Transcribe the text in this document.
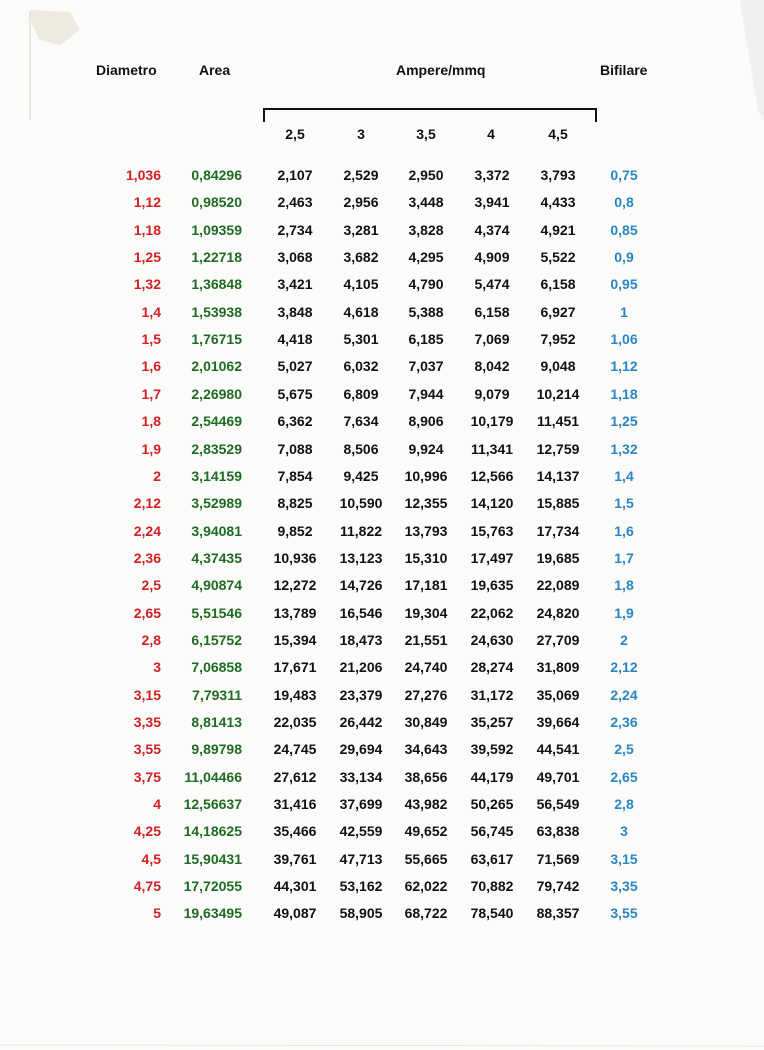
Diametro	Area	Ampere/mmq	Bifilare
2,5	3	3,5	4	4,5
1,036	0,84296	2,107	2,529	2,950	3,372	3,793	0,75
1,12	0,98520	2,463	2,956	3,448	3,941	4,433	0,8
1,18	1,09359	2,734	3,281	3,828	4,374	4,921	0,85
1,25	1,22718	3,068	3,682	4,295	4,909	5,522	0,9
1,32	1,36848	3,421	4,105	4,790	5,474	6,158	0,95
1,4	1,53938	3,848	4,618	5,388	6,158	6,927	1
1,5	1,76715	4,418	5,301	6,185	7,069	7,952	1,06
1,6	2,01062	5,027	6,032	7,037	8,042	9,048	1,12
1,7	2,26980	5,675	6,809	7,944	9,079	10,214	1,18
1,8	2,54469	6,362	7,634	8,906	10,179	11,451	1,25
1,9	2,83529	7,088	8,506	9,924	11,341	12,759	1,32
2	3,14159	7,854	9,425	10,996	12,566	14,137	1,4
2,12	3,52989	8,825	10,590	12,355	14,120	15,885	1,5
2,24	3,94081	9,852	11,822	13,793	15,763	17,734	1,6
2,36	4,37435	10,936	13,123	15,310	17,497	19,685	1,7
2,5	4,90874	12,272	14,726	17,181	19,635	22,089	1,8
2,65	5,51546	13,789	16,546	19,304	22,062	24,820	1,9
2,8	6,15752	15,394	18,473	21,551	24,630	27,709	2
3	7,06858	17,671	21,206	24,740	28,274	31,809	2,12
3,15	7,79311	19,483	23,379	27,276	31,172	35,069	2,24
3,35	8,81413	22,035	26,442	30,849	35,257	39,664	2,36
3,55	9,89798	24,745	29,694	34,643	39,592	44,541	2,5
3,75	11,04466	27,612	33,134	38,656	44,179	49,701	2,65
4	12,56637	31,416	37,699	43,982	50,265	56,549	2,8
4,25	14,18625	35,466	42,559	49,652	56,745	63,838	3
4,5	15,90431	39,761	47,713	55,665	63,617	71,569	3,15
4,75	17,72055	44,301	53,162	62,022	70,882	79,742	3,35
5	19,63495	49,087	58,905	68,722	78,540	88,357	3,55
